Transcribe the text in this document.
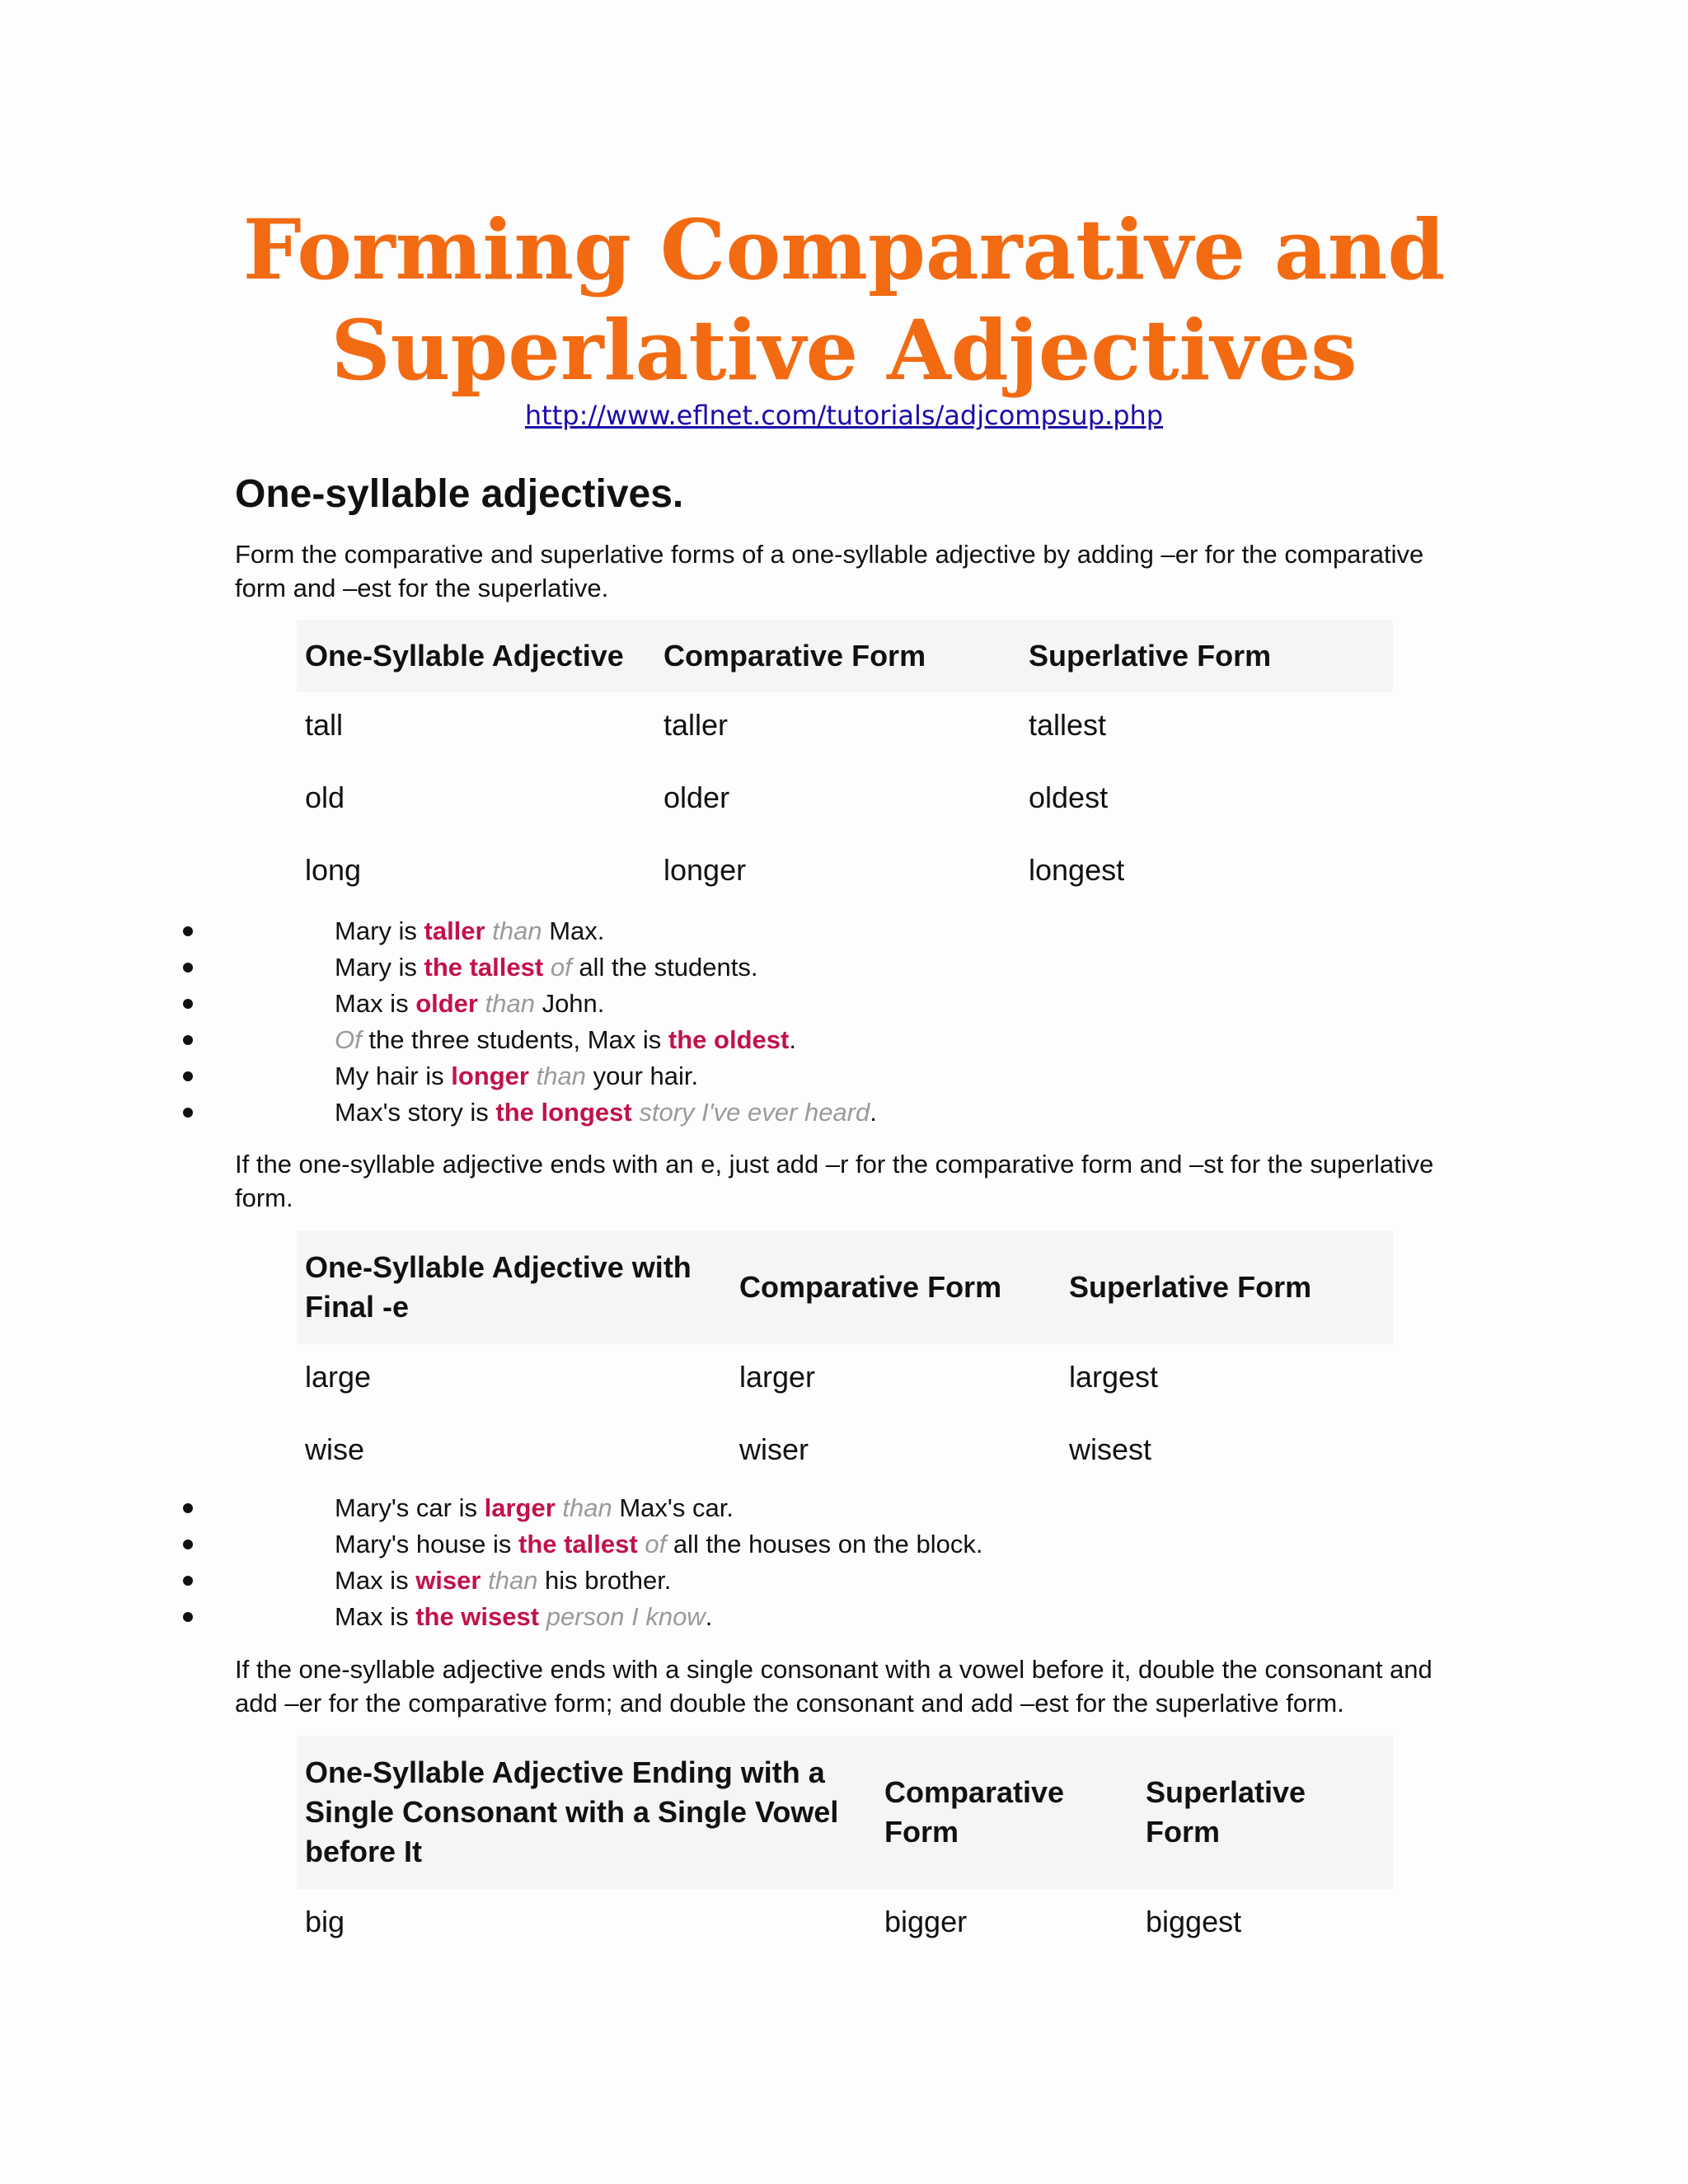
Forming Comparative and
Superlative Adjectives
http://www.eflnet.com/tutorials/adjcompsup.php
One-syllable adjectives.

Form the comparative and superlative forms of a one-syllable adjective by adding –er for the comparative form and –est for the superlative.

One-Syllable Adjective	Comparative Form	Superlative Form
tall	taller	tallest
old	older	oldest
long	longer	longest
Mary is taller than Max.
Mary is the tallest of all the students.
Max is older than John.
Of the three students, Max is the oldest.
My hair is longer than your hair.
Max's story is the longest story I've ever heard.

If the one-syllable adjective ends with an e, just add –r for the comparative form and –st for the superlative form.

One-Syllable Adjective with Final -e	Comparative Form	Superlative Form
large	larger	largest
wise	wiser	wisest
Mary's car is larger than Max's car.
Mary's house is the tallest of all the houses on the block.
Max is wiser than his brother.
Max is the wisest person I know.

If the one-syllable adjective ends with a single consonant with a vowel before it, double the consonant and add –er for the comparative form; and double the consonant and add –est for the superlative form.

One-Syllable Adjective Ending with a Single Consonant with a Single Vowel before It	Comparative Form	Superlative Form
big	bigger	biggest
